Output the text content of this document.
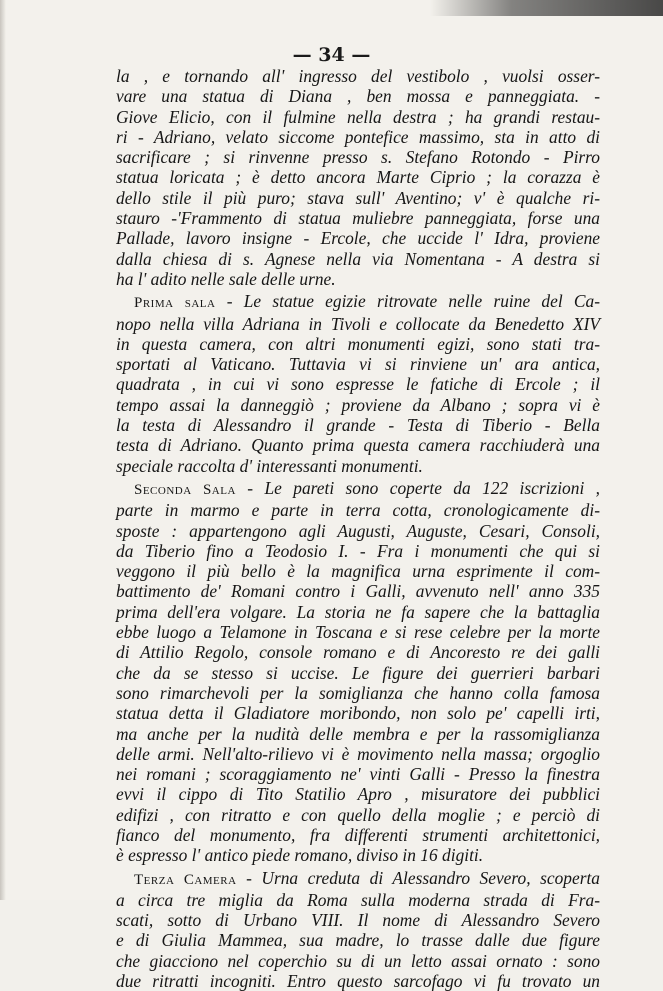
— 34 —

la , e tornando all' ingresso del vestibolo , vuolsi osser-
vare una statua di Diana , ben mossa e panneggiata. -
Giove Elicio, con il fulmine nella destra ; ha grandi restau-
ri - Adriano, velato siccome pontefice massimo, sta in atto di
sacrificare ; si rinvenne presso s. Stefano Rotondo - Pirro
statua loricata ; è detto ancora Marte Ciprio ; la corazza è
dello stile il più puro; stava sull' Aventino; v' è qualche ri-
stauro -'Frammento di statua muliebre panneggiata, forse una
Pallade, lavoro insigne - Ercole, che uccide l' Idra, proviene
dalla chiesa di s. Agnese nella via Nomentana - A destra si
ha l' adito nelle sale delle urne.

Prima sala - Le statue egizie ritrovate nelle ruine del Ca-
nopo nella villa Adriana in Tivoli e collocate da Benedetto XIV
in questa camera, con altri monumenti egizi, sono stati tra-
sportati al Vaticano. Tuttavia vi si rinviene un' ara antica,
quadrata , in cui vi sono espresse le fatiche di Ercole ; il
tempo assai la danneggiò ; proviene da Albano ; sopra vi è
la testa di Alessandro il grande - Testa di Tiberio - Bella
testa di Adriano. Quanto prima questa camera racchiuderà una
speciale raccolta d' interessanti monumenti.

Seconda Sala - Le pareti sono coperte da 122 iscrizioni ,
parte in marmo e parte in terra cotta, cronologicamente di-
sposte : appartengono agli Augusti, Auguste, Cesari, Consoli,
da Tiberio fino a Teodosio I. - Fra i monumenti che qui si
veggono il più bello è la magnifica urna esprimente il com-
battimento de' Romani contro i Galli, avvenuto nell' anno 335
prima dell'era volgare. La storia ne fa sapere che la battaglia
ebbe luogo a Telamone in Toscana e si rese celebre per la morte
di Attilio Regolo, console romano e di Ancoresto re dei galli
che da se stesso si uccise. Le figure dei guerrieri barbari
sono rimarchevoli per la somiglianza che hanno colla famosa
statua detta il Gladiatore moribondo, non solo pe' capelli irti,
ma anche per la nudità delle membra e per la rassomiglianza
delle armi. Nell'alto-rilievo vi è movimento nella massa; orgoglio
nei romani ; scoraggiamento ne' vinti Galli - Presso la finestra
evvi il cippo di Tito Statilio Apro , misuratore dei pubblici
edifizi , con ritratto e con quello della moglie ; e perciò di
fianco del monumento, fra differenti strumenti architettonici,
è espresso l' antico piede romano, diviso in 16 digiti.

Terza Camera - Urna creduta di Alessandro Severo, scoperta
a circa tre miglia da Roma sulla moderna strada di Fra-
scati, sotto di Urbano VIII. Il nome di Alessandro Severo
e di Giulia Mammea, sua madre, lo trasse dalle due figure
che giacciono nel coperchio su di un letto assai ornato : sono
due ritratti incogniti. Entro questo sarcofago vi fu trovato un
